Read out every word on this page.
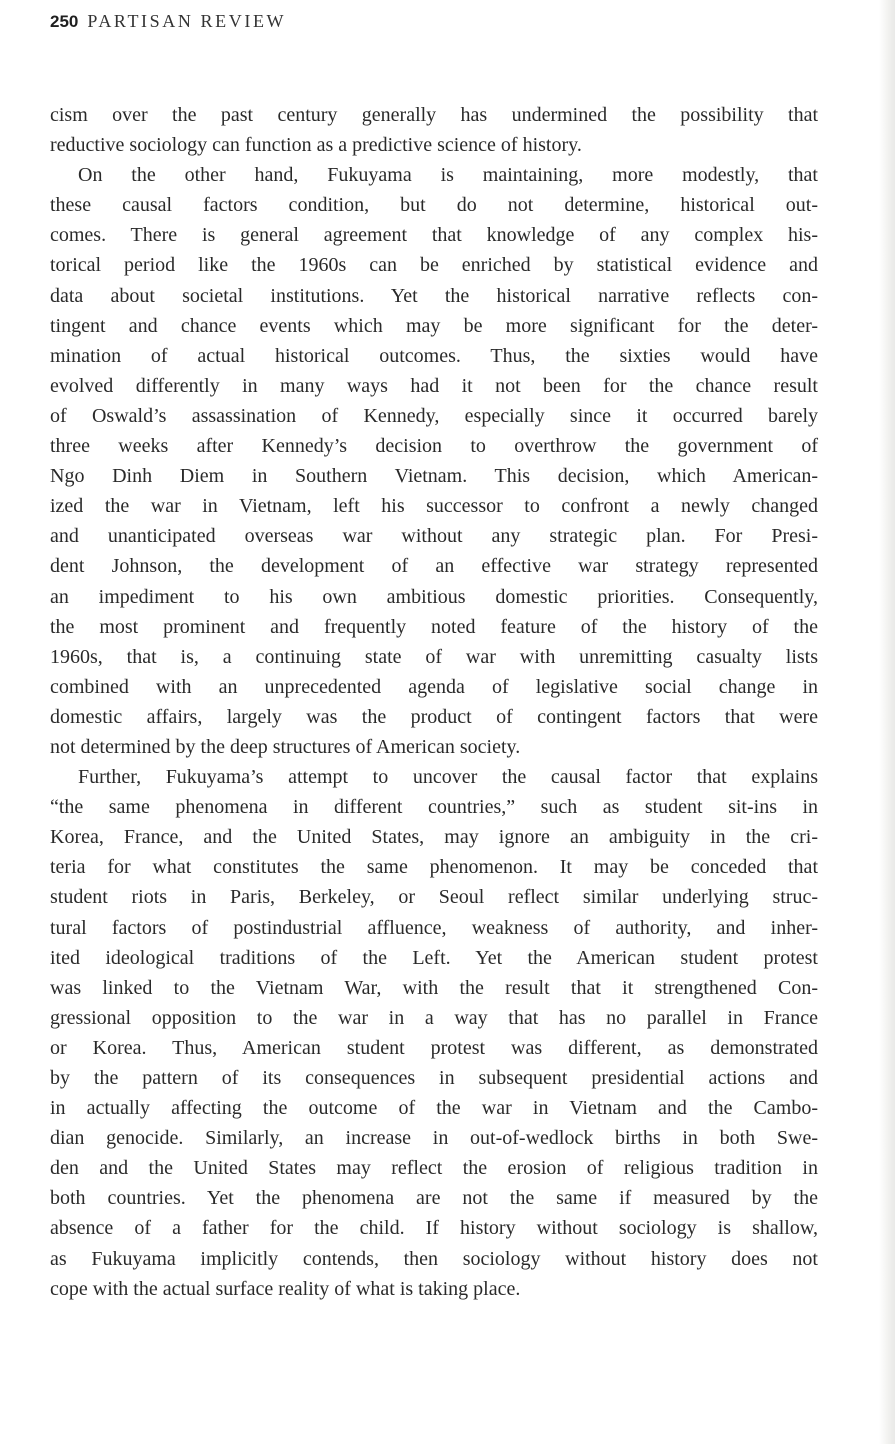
250 PARTISAN REVIEW
cism over the past century generally has undermined the possibility that
reductive sociology can function as a predictive science of history.
On the other hand, Fukuyama is maintaining, more modestly, that
these causal factors condition, but do not determine, historical out-
comes. There is general agreement that knowledge of any complex his-
torical period like the 1960s can be enriched by statistical evidence and
data about societal institutions. Yet the historical narrative reflects con-
tingent and chance events which may be more significant for the deter-
mination of actual historical outcomes. Thus, the sixties would have
evolved differently in many ways had it not been for the chance result
of Oswald’s assassination of Kennedy, especially since it occurred barely
three weeks after Kennedy’s decision to overthrow the government of
Ngo Dinh Diem in Southern Vietnam. This decision, which American-
ized the war in Vietnam, left his successor to confront a newly changed
and unanticipated overseas war without any strategic plan. For Presi-
dent Johnson, the development of an effective war strategy represented
an impediment to his own ambitious domestic priorities. Consequently,
the most prominent and frequently noted feature of the history of the
1960s, that is, a continuing state of war with unremitting casualty lists
combined with an unprecedented agenda of legislative social change in
domestic affairs, largely was the product of contingent factors that were
not determined by the deep structures of American society.
Further, Fukuyama’s attempt to uncover the causal factor that explains
“the same phenomena in different countries,” such as student sit-ins in
Korea, France, and the United States, may ignore an ambiguity in the cri-
teria for what constitutes the same phenomenon. It may be conceded that
student riots in Paris, Berkeley, or Seoul reflect similar underlying struc-
tural factors of postindustrial affluence, weakness of authority, and inher-
ited ideological traditions of the Left. Yet the American student protest
was linked to the Vietnam War, with the result that it strengthened Con-
gressional opposition to the war in a way that has no parallel in France
or Korea. Thus, American student protest was different, as demonstrated
by the pattern of its consequences in subsequent presidential actions and
in actually affecting the outcome of the war in Vietnam and the Cambo-
dian genocide. Similarly, an increase in out-of-wedlock births in both Swe-
den and the United States may reflect the erosion of religious tradition in
both countries. Yet the phenomena are not the same if measured by the
absence of a father for the child. If history without sociology is shallow,
as Fukuyama implicitly contends, then sociology without history does not
cope with the actual surface reality of what is taking place.
